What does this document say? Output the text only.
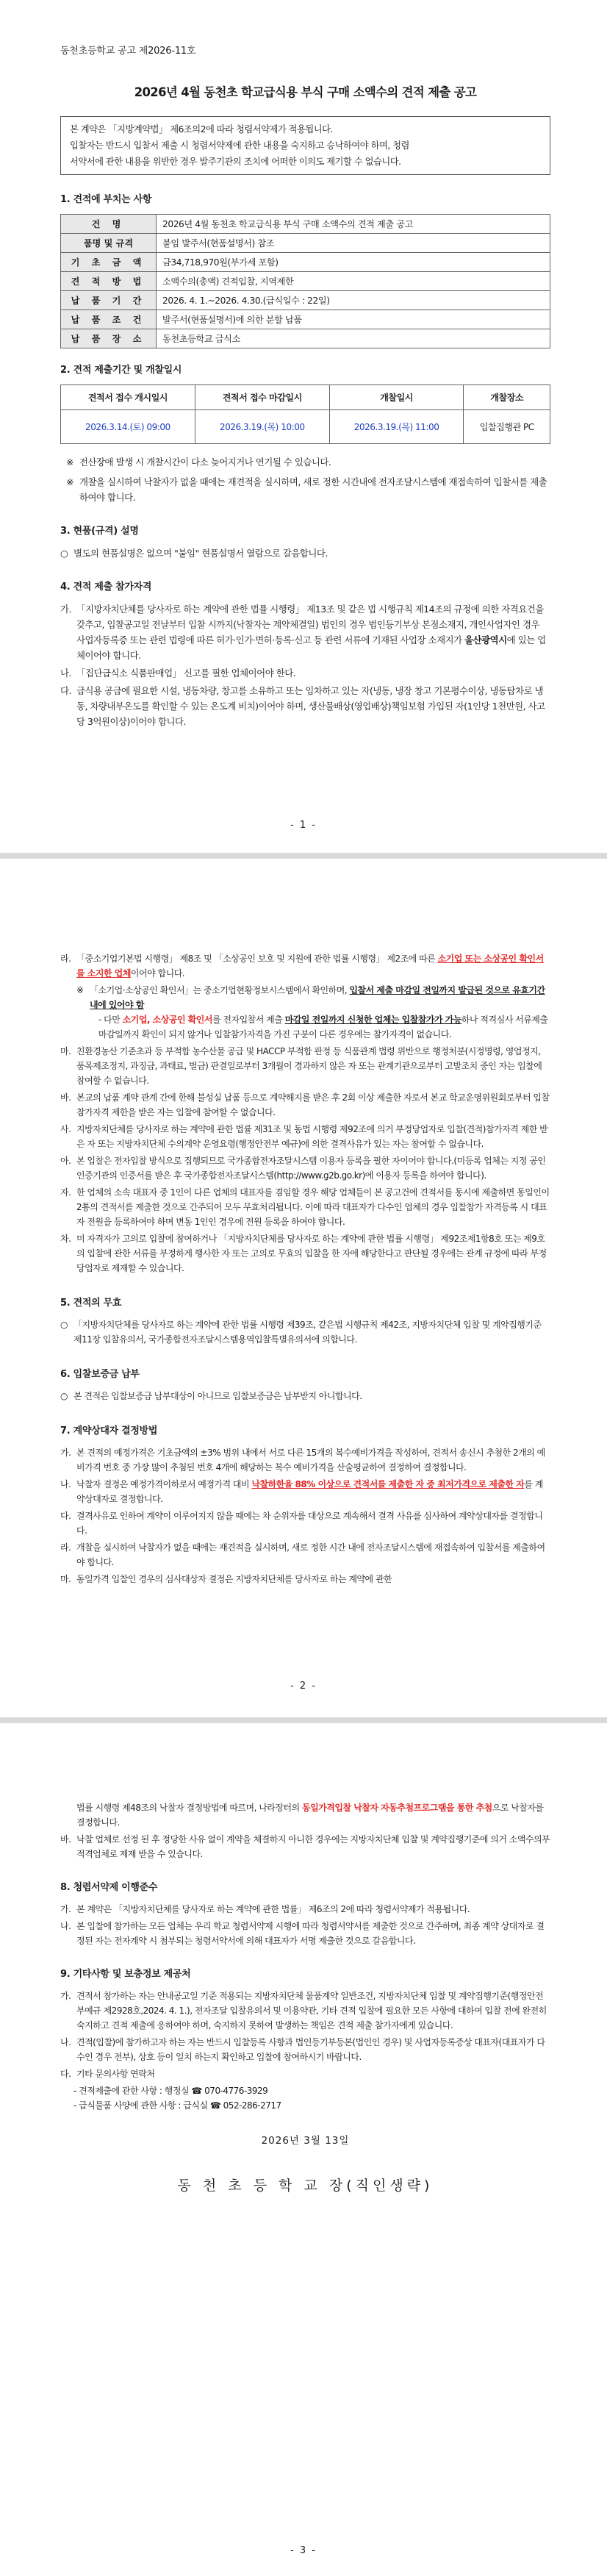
동천초등학교 공고 제2026-11호
2026년 4월 동천초 학교급식용 부식 구매 소액수의 견적 제출 공고
본 계약은 「지방계약법」 제6조의2에 따라 청렴서약제가 적용됩니다.
입찰자는 반드시 입찰서 제출 시 청렴서약제에 관한 내용을 숙지하고 승낙하여야 하며, 청렴
서약서에 관한 내용을 위반한 경우 발주기관의 조치에 어떠한 이의도 제기할 수 없습니다.
1. 견적에 부치는 사항
건 명	2026년 4월 동천초 학교급식용 부식 구매 소액수의 견적 제출 공고
품명 및 규격	붙임 발주서(현품설명서) 참조
기 초 금 액	금34,718,970원(부가세 포함)
견 적 방 법	소액수의(총액) 견적입찰, 지역제한
납 품 기 간	2026. 4. 1.~2026. 4.30.(급식일수 : 22일)
납 품 조 건	발주서(현품설명서)에 의한 분할 납품
납 품 장 소	동천초등학교 급식소
2. 견적 제출기간 및 개찰일시
견적서 접수 개시일시	견적서 접수 마감일시	개찰일시	개찰장소
2026.3.14.(토) 09:00	2026.3.19.(목) 10:00	2026.3.19.(목) 11:00	입찰집행관 PC
※ 전산장애 발생 시 개찰시간이 다소 늦어지거나 연기될 수 있습니다.
※ 개찰을 실시하여 낙찰자가 없을 때에는 재견적을 실시하며, 새로 정한 시간내에 전자조달시스템에 재접속하여 입찰서를 제출하여야 합니다.
3. 현품(규격) 설명
○ 별도의 현품설명은 없으며 "붙임" 현품설명서 열람으로 갈음합니다.
4. 견적 제출 참가자격
가. 「지방자치단체를 당사자로 하는 계약에 관한 법률 시행령」 제13조 및 같은 법 시행규칙 제14조의 규정에 의한 자격요건을 갖추고, 입찰공고일 전날부터 입찰 시까지(낙찰자는 계약체결일) 법인의 경우 법인등기부상 본점소재지, 개인사업자인 경우 사업자등록증 또는 관련 법령에 따른 허가·인가·면허·등록·신고 등 관련 서류에 기재된 사업장 소재지가 울산광역시에 있는 업체이어야 합니다.
나. 「집단급식소 식품판매업」 신고를 필한 업체이어야 한다.
다. 급식용 공급에 필요한 시설, 냉동차량, 창고를 소유하고 또는 임차하고 있는 자(냉동, 냉장 창고 기본평수이상, 냉동탑차로 냉동, 차량내부온도를 확인할 수 있는 온도계 비치)이어야 하며, 생산물배상(영업배상)책임보험 가입된 자(1인당 1천만원, 사고당 3억원이상)이어야 합니다.
- 1 -
라. 「중소기업기본법 시행령」 제8조 및 「소상공인 보호 및 지원에 관한 법률 시행령」 제2조에 따른 소기업 또는 소상공인 확인서를 소지한 업체이어야 합니다.
※ 「소기업·소상공인 확인서」는 중소기업현황정보시스템에서 확인하며, 입찰서 제출 마감일 전일까지 발급된 것으로 유효기간 내에 있어야 함
- 다만 소기업, 소상공인 확인서를 전자입찰서 제출 마감일 전일까지 신청한 업체는 입찰참가가 가능하나 적격심사 서류제출 마감일까지 확인이 되지 않거나 입찰참가자격을 가진 구분이 다른 경우에는 참가자격이 없습니다.
마. 친환경농산 기준초과 등 부적합 농수산물 공급 및 HACCP 부적합 판정 등 식품관계 법령 위반으로 행정처분(시정명령, 영업정지, 품목제조정지, 과징금, 과태료, 벌금) 판결일로부터 3개월이 경과하지 않은 자 또는 관계기관으로부터 고발조치 중인 자는 입찰에 참여할 수 없습니다.
바. 본교의 납품 계약 관계 간에 한해 불성실 납품 등으로 계약해지를 받은 후 2회 이상 제출한 자로서 본교 학교운영위원회로부터 입찰 참가자격 제한을 받은 자는 입찰에 참여할 수 없습니다.
사. 지방자치단체를 당사자로 하는 계약에 관한 법률 제31조 및 동법 시행령 제92조에 의거 부정당업자로 입찰(견적)참가자격 제한 받은 자 또는 지방자치단체 수의계약 운영요령(행정안전부 예규)에 의한 결격사유가 있는 자는 참여할 수 없습니다.
아. 본 입찰은 전자입찰 방식으로 집행되므로 국가종합전자조달시스템 이용자 등록을 필한 자이어야 합니다.(미등록 업체는 지정 공인인증기관의 인증서를 받은 후 국가종합전자조달시스템(http://www.g2b.go.kr)에 이용자 등록을 하여야 합니다).
자. 한 업체의 소속 대표자 중 1인이 다른 업체의 대표자를 겸임할 경우 해당 업체들이 본 공고건에 견적서를 동시에 제출하면 동일인이 2통의 견적서를 제출한 것으로 간주되어 모두 무효처리됩니다. 이에 따라 대표자가 다수인 업체의 경우 입찰참가 자격등록 시 대표자 전원을 등록하여야 하며 변동 1인인 경우에 전원 등록을 하여야 합니다.
차. 미 자격자가 고의로 입찰에 참여하거나 「지방자치단체를 당사자로 하는 계약에 관한 법률 시행령」 제92조제1항8호 또는 제9호의 입찰에 관한 서류를 부정하게 행사한 자 또는 고의로 무효의 입찰을 한 자에 해당한다고 판단될 경우에는 관계 규정에 따라 부정당업자로 제재할 수 있습니다.
5. 견적의 무효
○ 「지방자치단체를 당사자로 하는 계약에 관한 법률 시행령 제39조, 같은법 시행규칙 제42조, 지방자치단체 입찰 및 계약집행기준 제11장 입찰유의서, 국가종합전자조달시스템용역입찰특별유의서에 의합니다.
6. 입찰보증금 납부
○ 본 견적은 입찰보증금 납부대상이 아니므로 입찰보증금은 납부받지 아니합니다.
7. 계약상대자 결정방법
가. 본 견적의 예정가격은 기초금액의 ±3% 범위 내에서 서로 다른 15개의 복수예비가격을 작성하여, 견적서 송신시 추첨한 2개의 예비가격 번호 중 가장 많이 추첨된 번호 4개에 해당하는 복수 예비가격을 산술평균하여 결정하여 결정합니다.
나. 낙찰자 결정은 예정가격이하로서 예정가격 대비 낙찰하한율 88% 이상으로 견적서를 제출한 자 중 최저가격으로 제출한 자를 계약상대자로 결정합니다.
다. 결격사유로 인하여 계약이 이루어지지 않을 때에는 차 순위자를 대상으로 계속해서 결격 사유를 심사하여 계약상대자를 결정합니다.
라. 개찰을 실시하여 낙찰자가 없을 때에는 재견적을 실시하며, 새로 정한 시간 내에 전자조달시스템에 재접속하여 입찰서를 제출하여야 합니다.
마. 동일가격 입찰인 경우의 심사대상자 결정은 지방자치단체를 당사자로 하는 계약에 관한
- 2 -
법률 시행령 제48조의 낙찰자 결정방법에 따르며, 나라장터의 동일가격입찰 낙찰자 자동추첨프로그램을 통한 추첨으로 낙찰자를 결정합니다.
바. 낙찰 업체로 선정 된 후 정당한 사유 없이 계약을 체결하지 아니한 경우에는 지방자치단체 입찰 및 계약집행기준에 의거 소액수의부적격업체로 제재 받을 수 있습니다.
8. 청렴서약제 이행준수
가. 본 계약은 「지방자치단체를 당사자로 하는 계약에 관한 법률」 제6조의 2에 따라 청렴서약제가 적용됩니다.
나. 본 입찰에 참가하는 모든 업체는 우리 학교 청렴서약제 시행에 따라 청렴서약서를 제출한 것으로 간주하며, 최종 계약 상대자로 결정된 자는 전자계약 시 첨부되는 청렴서약서에 의해 대표자가 서명 제출한 것으로 갈음합니다.
9. 기타사항 및 보충정보 제공처
가. 견적서 참가하는 자는 안내공고일 기준 적용되는 지방자치단체 물품계약 일반조건, 지방자치단체 입찰 및 계약집행기준(행정안전부예규 제2928호,2024. 4. 1.), 전자조달 입찰유의서 및 이용약관, 기타 견적 입찰에 필요한 모든 사항에 대하여 입찰 전에 완전히 숙지하고 견적 제출에 응하여야 하며, 숙지하지 못하여 발생하는 책임은 견적 제출 참가자에게 있습니다.
나. 견적(입찰)에 참가하고자 하는 자는 반드시 입찰등록 사항과 법인등기부등본(법인인 경우) 및 사업자등록증상 대표자(대표자가 다수인 경우 전부), 상호 등이 일치 하는지 확인하고 입찰에 참여하시기 바랍니다.
다. 기타 문의사항 연락처
- 견적제출에 관한 사항 : 행정실
☎
070-4776-3929
- 급식물품 사양에 관한 사항 : 급식실
☎
052-286-2717
2026년 3월 13일
동 천 초 등 학 교 장(직인생략)
- 3 -
